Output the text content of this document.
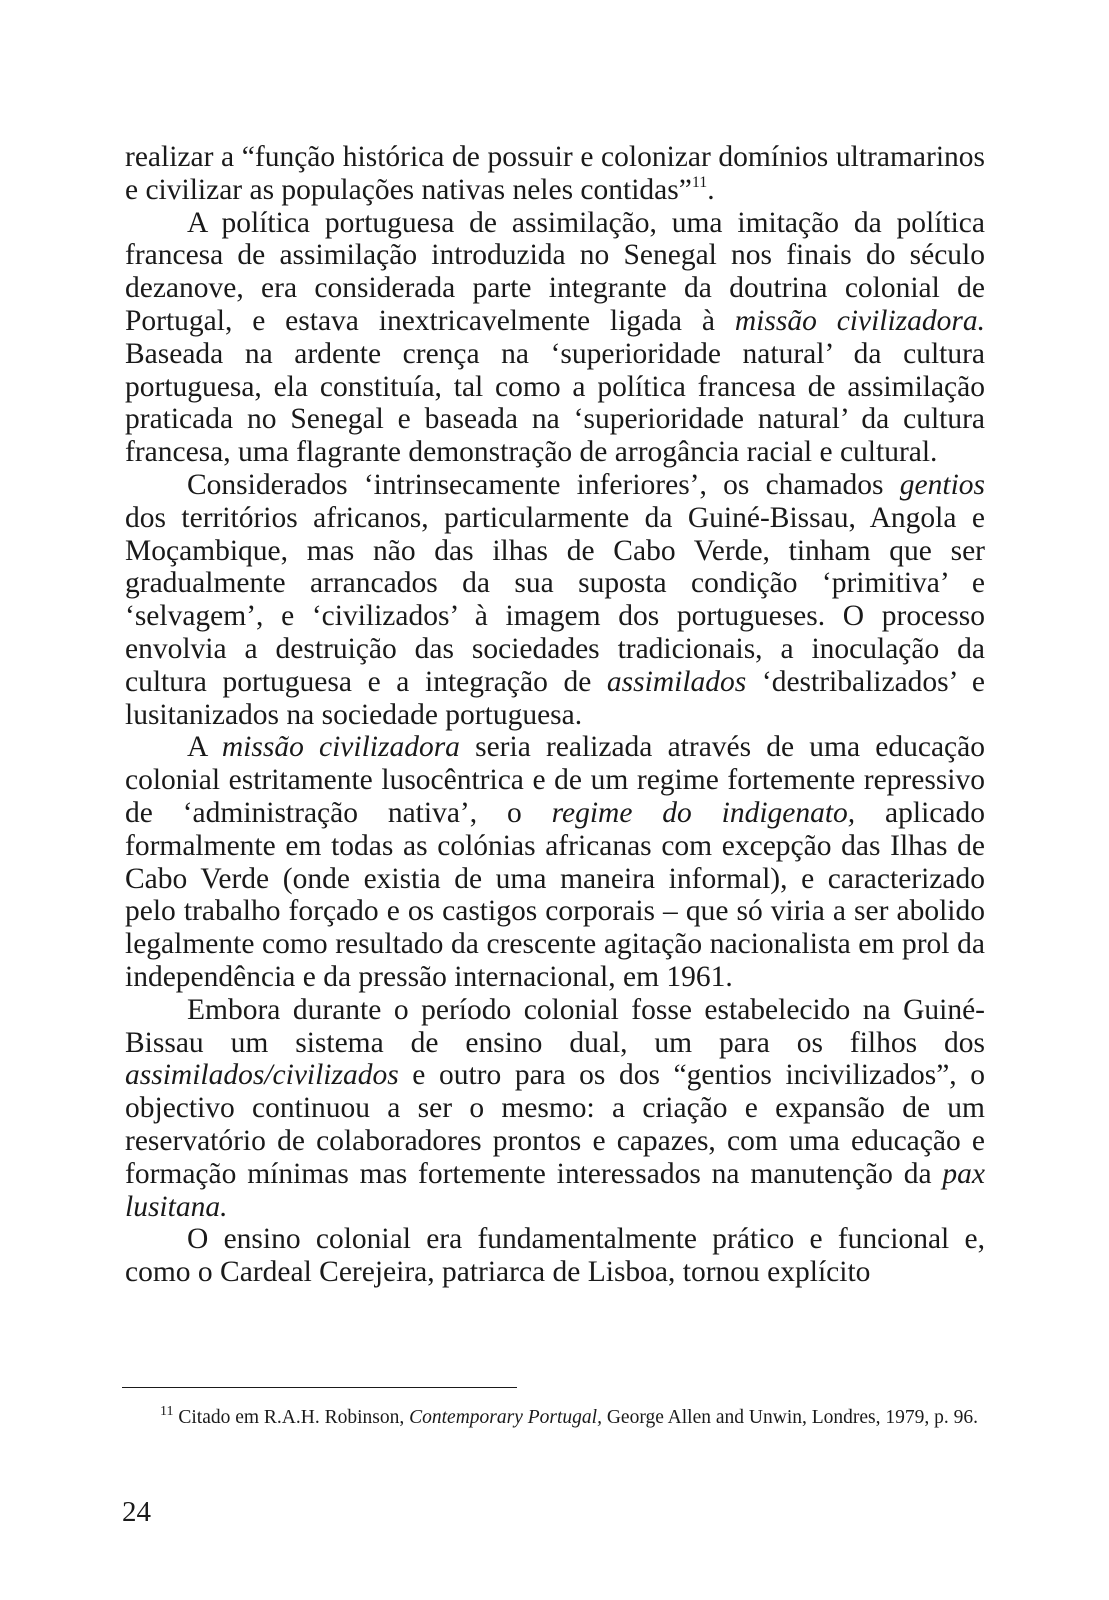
realizar a “função histórica de possuir e colonizar domínios ultramarinos e civilizar as populações nativas neles contidas”$^{11}$.

A política portuguesa de assimilação, uma imitação da política francesa de assimilação introduzida no Senegal nos finais do século dezanove, era considerada parte integrante da doutrina colonial de Portugal, e estava inextricavelmente ligada à missão civilizadora. Baseada na ardente crença na ‘superioridade natural’ da cultura portuguesa, ela constituía, tal como a política francesa de assimilação praticada no Senegal e baseada na ‘superioridade natural’ da cultura francesa, uma flagrante demonstração de arrogância racial e cultural.

Considerados ‘intrinsecamente inferiores’, os chamados gentios dos territórios africanos, particularmente da Guiné-Bissau, Angola e Moçambique, mas não das ilhas de Cabo Verde, tinham que ser gradualmente arrancados da sua suposta condição ‘primitiva’ e ‘selvagem’, e ‘civilizados’ à imagem dos portugueses. O processo envolvia a destruição das sociedades tradicionais, a inoculação da cultura portuguesa e a integração de assimilados ‘destribalizados’ e lusitanizados na sociedade portuguesa.

A missão civilizadora seria realizada através de uma educação colonial estritamente lusocêntrica e de um regime fortemente repressivo de ‘administração nativa’, o regime do indigenato, aplicado formalmente em todas as colónias africanas com excepção das Ilhas de Cabo Verde (onde existia de uma maneira informal), e caracterizado pelo trabalho forçado e os castigos corporais – que só viria a ser abolido legalmente como resultado da crescente agitação nacionalista em prol da independência e da pressão internacional, em 1961.

Embora durante o período colonial fosse estabelecido na Guiné-Bissau um sistema de ensino dual, um para os filhos dos assimilados/civilizados e outro para os dos “gentios incivilizados”, o objectivo continuou a ser o mesmo: a criação e expansão de um reservatório de colaboradores prontos e capazes, com uma educação e formação mínimas mas fortemente interessados na manutenção da pax lusitana.

O ensino colonial era fundamentalmente prático e funcional e, como o Cardeal Cerejeira, patriarca de Lisboa, tornou explícito

$^{11}$ Citado em R.A.H. Robinson, Contemporary Portugal, George Allen and Unwin, Londres, 1979, p. 96.
24
